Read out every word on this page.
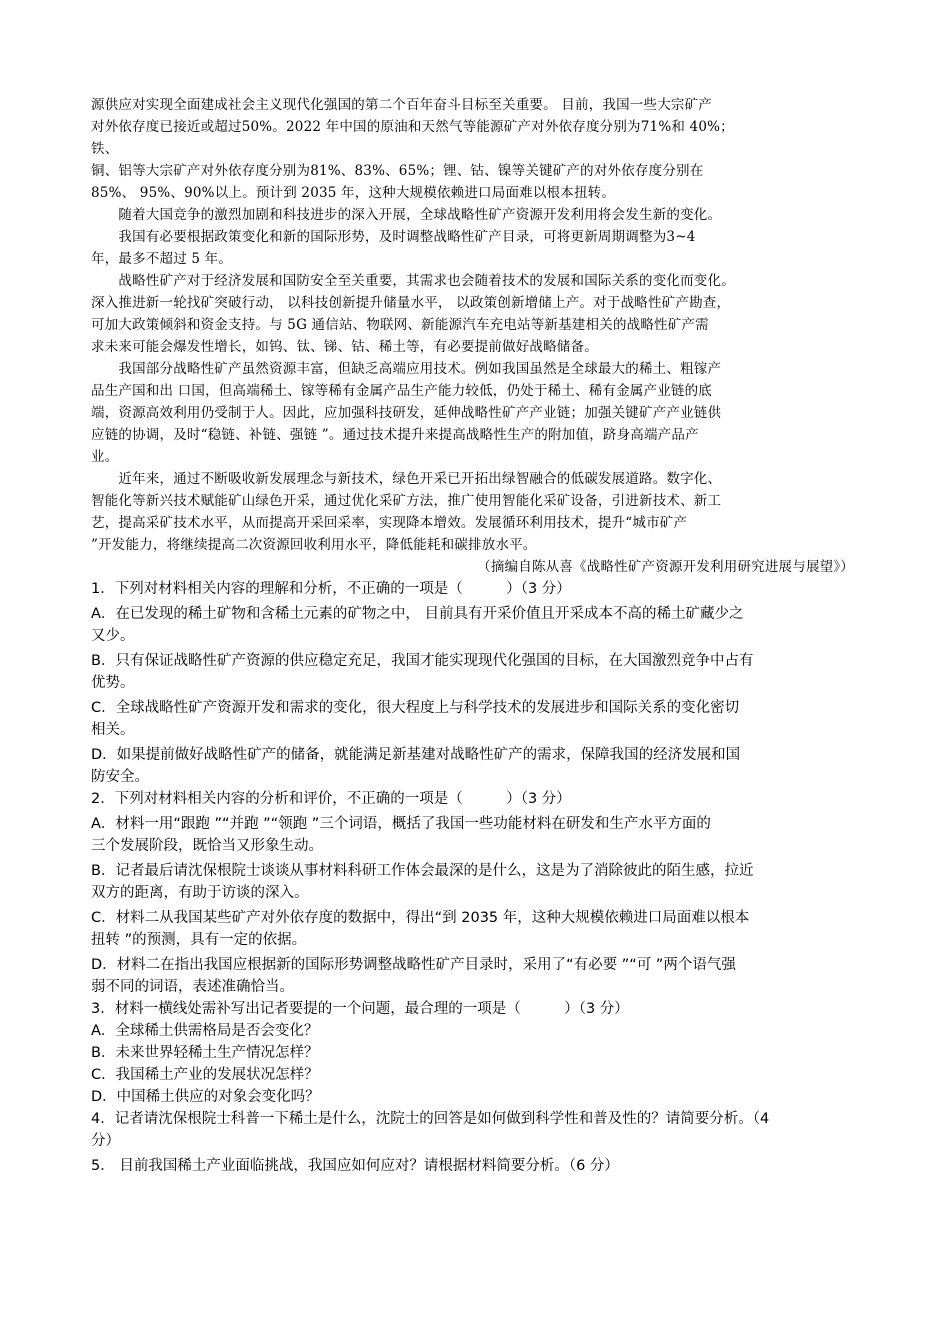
源供应对实现全面建成社会主义现代化强国的第二个百年奋斗目标至关重要。 目前，我国一些大宗矿产
对外依存度已接近或超过50%。2022 年中国的原油和天然气等能源矿产对外依存度分别为71%和 40%；
铁、
铜、铝等大宗矿产对外依存度分别为81%、83%、65%；锂、钴、镍等关键矿产的对外依存度分别在
85%、 95%、90%以上。预计到 2035 年，这种大规模依赖进口局面难以根本扭转。
　　随着大国竞争的激烈加剧和科技进步的深入开展，全球战略性矿产资源开发利用将会发生新的变化。
　　我国有必要根据政策变化和新的国际形势，及时调整战略性矿产目录，可将更新周期调整为3~4
年，最多不超过 5 年。
　　战略性矿产对于经济发展和国防安全至关重要，其需求也会随着技术的发展和国际关系的变化而变化。
深入推进新一轮找矿突破行动， 以科技创新提升储量水平， 以政策创新增储上产。对于战略性矿产勘查，
可加大政策倾斜和资金支持。与 5G 通信站、物联网、新能源汽车充电站等新基建相关的战略性矿产需
求未来可能会爆发性增长，如钨、钛、锑、钴、稀土等，有必要提前做好战略储备。
　　我国部分战略性矿产虽然资源丰富，但缺乏高端应用技术。例如我国虽然是全球最大的稀土、粗镓产
品生产国和出 口国，但高端稀土、镓等稀有金属产品生产能力较低，仍处于稀土、稀有金属产业链的底
端，资源高效利用仍受制于人。因此，应加强科技研发，延伸战略性矿产产业链；加强关键矿产产业链供
应链的协调，及时“稳链、补链、强链 ”。通过技术提升来提高战略性生产的附加值，跻身高端产品产
业。
　　近年来，通过不断吸收新发展理念与新技术，绿色开采已开拓出绿智融合的低碳发展道路。数字化、
智能化等新兴技术赋能矿山绿色开采，通过优化采矿方法，推广使用智能化采矿设备，引进新技术、新工
艺，提高采矿技术水平，从而提高开采回采率，实现降本增效。发展循环利用技术，提升“城市矿产
”开发能力，将继续提高二次资源回收利用水平，降低能耗和碳排放水平。
（摘编自陈从喜《战略性矿产资源开发利用研究进展与展望》）
1．下列对材料相关内容的理解和分析，不正确的一项是（　　　）（3 分）
A．在已发现的稀土矿物和含稀土元素的矿物之中， 目前具有开采价值且开采成本不高的稀土矿藏少之
又少。
B．只有保证战略性矿产资源的供应稳定充足，我国才能实现现代化强国的目标，在大国激烈竞争中占有
优势。
C．全球战略性矿产资源开发和需求的变化，很大程度上与科学技术的发展进步和国际关系的变化密切
相关。
D．如果提前做好战略性矿产的储备，就能满足新基建对战略性矿产的需求，保障我国的经济发展和国
防安全。
2．下列对材料相关内容的分析和评价，不正确的一项是（　　　）（3 分）
A．材料一用“跟跑 ”“并跑 ”“领跑 ”三个词语，概括了我国一些功能材料在研发和生产水平方面的
三个发展阶段，既恰当又形象生动。
B．记者最后请沈保根院士谈谈从事材料科研工作体会最深的是什么，这是为了消除彼此的陌生感，拉近
双方的距离，有助于访谈的深入。
C．材料二从我国某些矿产对外依存度的数据中，得出“到 2035 年，这种大规模依赖进口局面难以根本
扭转 ”的预测，具有一定的依据。
D．材料二在指出我国应根据新的国际形势调整战略性矿产目录时，采用了“有必要 ”“可 ”两个语气强
弱不同的词语，表述准确恰当。
3．材料一横线处需补写出记者要提的一个问题，最合理的一项是（　　　）（3 分）
A．全球稀土供需格局是否会变化？
B．未来世界轻稀土生产情况怎样？
C．我国稀土产业的发展状况怎样？
D．中国稀土供应的对象会变化吗？
4．记者请沈保根院士科普一下稀土是什么，沈院士的回答是如何做到科学性和普及性的？请简要分析。（4
分）
5． 目前我国稀土产业面临挑战，我国应如何应对？请根据材料简要分析。（6 分）
